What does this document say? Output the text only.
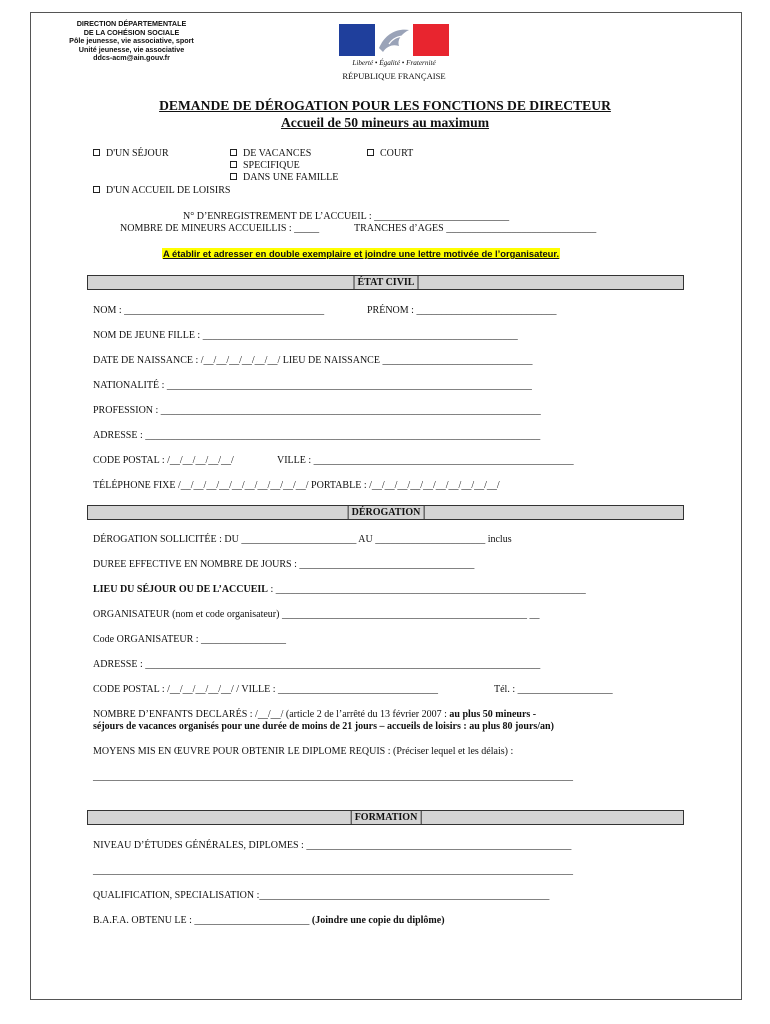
DIRECTION DÉPARTEMENTALE
DE LA COHÉSION SOCIALE
Pôle jeunesse, vie associative, sport
Unité jeunesse, vie associative
ddcs-acm@ain.gouv.fr
Liberté • Égalité • Fraternité
RÉPUBLIQUE FRANÇAISE
DEMANDE DE DÉROGATION POUR LES FONCTIONS DE DIRECTEUR
Accueil de 50 mineurs au maximum
D'UN SÉJOUR	DE VACANCES	COURT
SPECIFIQUE
DANS UNE FAMILLE
D'UN ACCUEIL DE LOISIRS
N° D’ENREGISTREMENT DE L’ACCUEIL : ___________________________
NOMBRE DE MINEURS ACCUEILLIS : _____	TRANCHES d’AGES ______________________________
A établir et adresser en double exemplaire et joindre une lettre motivée de l’organisateur.
ÉTAT CIVIL
NOM : ________________________________________	PRÉNOM : ____________________________
NOM DE JEUNE FILLE : _______________________________________________________________
DATE DE NAISSANCE : /__/__/__/__/__/__/ LIEU DE NAISSANCE ______________________________
NATIONALITÉ : _________________________________________________________________________
PROFESSION : ____________________________________________________________________________
ADRESSE : _______________________________________________________________________________
CODE POSTAL : /__/__/__/__/__/	VILLE : ____________________________________________________
TÉLÉPHONE FIXE /__/__/__/__/__/__/__/__/__/__/ PORTABLE : /__/__/__/__/__/__/__/__/__/__/
DÉROGATION
DÉROGATION SOLLICITÉE : DU _______________________ AU ______________________ inclus
DUREE EFFECTIVE EN NOMBRE DE JOURS : ___________________________________
LIEU DU SÉJOUR OU DE L’ACCUEIL : ______________________________________________________________
ORGANISATEUR (nom et code organisateur) _________________________________________________ __
Code ORGANISATEUR : _________________
ADRESSE : _______________________________________________________________________________
CODE POSTAL : /__/__/__/__/__/ / VILLE : ________________________________	Tél. : ___________________
NOMBRE D’ENFANTS DECLARÉS : /__/__/ (article 2 de l’arrêté du 13 février 2007 : au plus 50 mineurs -
séjours de vacances organisés pour une durée de moins de 21 jours – accueils de loisirs : au plus 80 jours/an)
MOYENS MIS EN ŒUVRE POUR OBTENIR LE DIPLOME REQUIS : (Préciser lequel et les délais) :
________________________________________________________________________________________________
FORMATION
NIVEAU D’ÉTUDES GÉNÉRALES, DIPLOMES : _____________________________________________________
________________________________________________________________________________________________
QUALIFICATION, SPECIALISATION :__________________________________________________________
B.A.F.A. OBTENU LE : _______________________ (Joindre une copie du diplôme)
